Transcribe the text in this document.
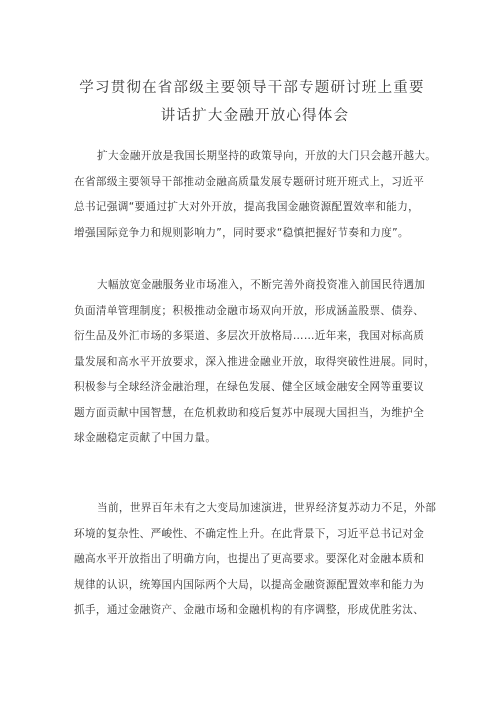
学习贯彻在省部级主要领导干部专题研讨班上重要
讲话扩大金融开放心得体会
扩大金融开放是我国长期坚持的政策导向，开放的大门只会越开越大。
在省部级主要领导干部推动金融高质量发展专题研讨班开班式上，习近平
总书记强调“要通过扩大对外开放，提高我国金融资源配置效率和能力，
增强国际竞争力和规则影响力”，同时要求“稳慎把握好节奏和力度”。
大幅放宽金融服务业市场准入，不断完善外商投资准入前国民待遇加
负面清单管理制度；积极推动金融市场双向开放，形成涵盖股票、债券、
衍生品及外汇市场的多渠道、多层次开放格局……近年来，我国对标高质
量发展和高水平开放要求，深入推进金融业开放，取得突破性进展。同时，
积极参与全球经济金融治理，在绿色发展、健全区域金融安全网等重要议
题方面贡献中国智慧，在危机救助和疫后复苏中展现大国担当，为维护全
球金融稳定贡献了中国力量。
当前，世界百年未有之大变局加速演进，世界经济复苏动力不足，外部
环境的复杂性、严峻性、不确定性上升。在此背景下，习近平总书记对金
融高水平开放指出了明确方向，也提出了更高要求。要深化对金融本质和
规律的认识，统筹国内国际两个大局，以提高金融资源配置效率和能力为
抓手，通过金融资产、金融市场和金融机构的有序调整，形成优胜劣汰、
